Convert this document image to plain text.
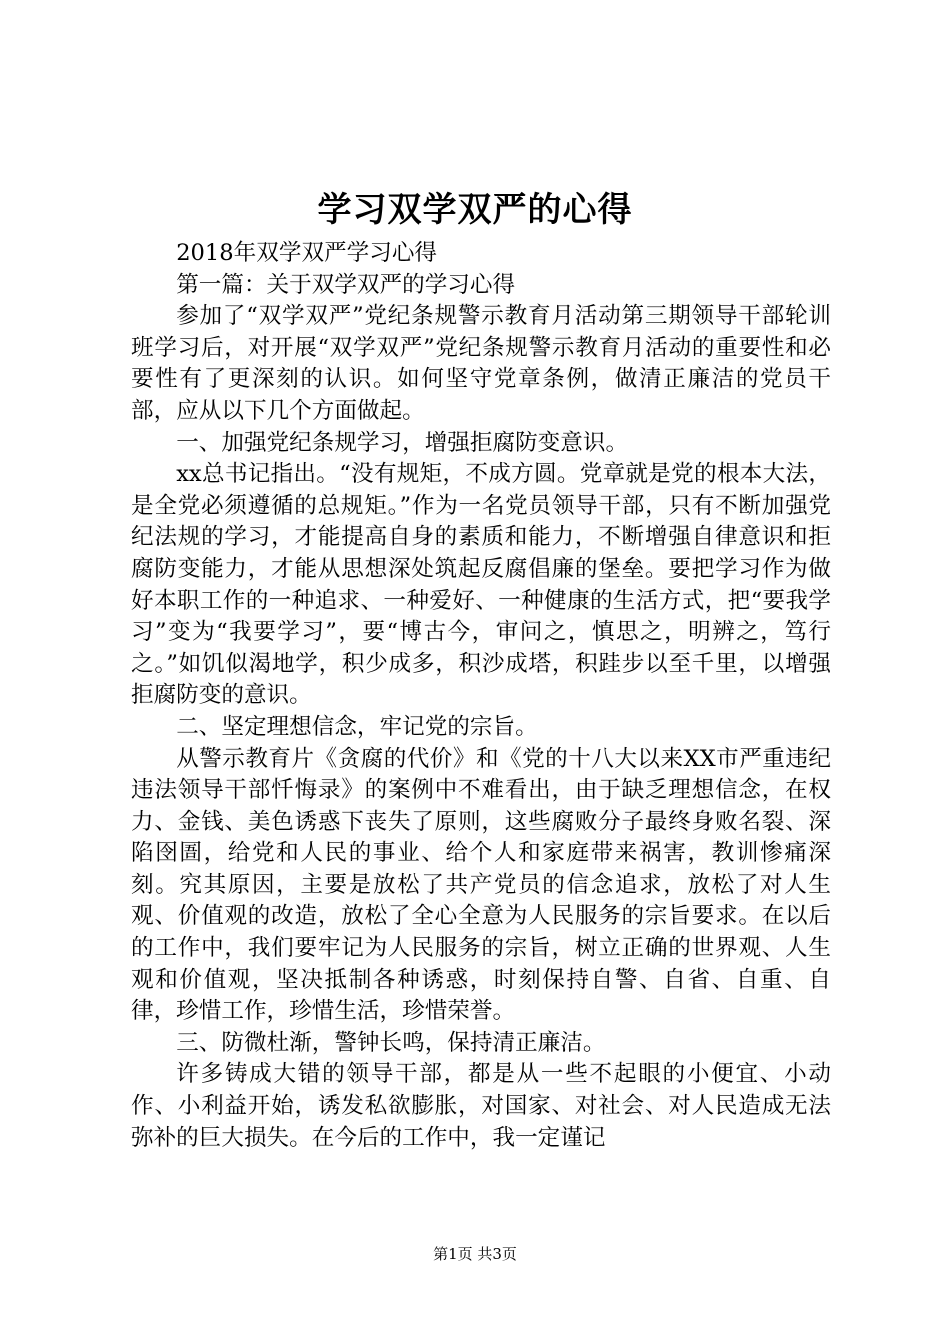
学习双学双严的心得

2018年双学双严学习心得

第一篇：关于双学双严的学习心得

参加了“双学双严”党纪条规警示教育月活动第三期领导干部轮训班学习后，对开展“双学双严”党纪条规警示教育月活动的重要性和必要性有了更深刻的认识。如何坚守党章条例，做清正廉洁的党员干部，应从以下几个方面做起。

一、加强党纪条规学习，增强拒腐防变意识。

xx总书记指出。“没有规矩，不成方圆。党章就是党的根本大法，是全党必须遵循的总规矩。”作为一名党员领导干部，只有不断加强党纪法规的学习，才能提高自身的素质和能力，不断增强自律意识和拒腐防变能力，才能从思想深处筑起反腐倡廉的堡垒。要把学习作为做好本职工作的一种追求、一种爱好、一种健康的生活方式，把“要我学习”变为“我要学习”，要“博古今，审问之，慎思之，明辨之，笃行之。”如饥似渴地学，积少成多，积沙成塔，积跬步以至千里，以增强拒腐防变的意识。

二、坚定理想信念，牢记党的宗旨。

从警示教育片《贪腐的代价》和《党的十八大以来XX市严重违纪违法领导干部忏悔录》的案例中不难看出，由于缺乏理想信念，在权力、金钱、美色诱惑下丧失了原则，这些腐败分子最终身败名裂、深陷囹圄，给党和人民的事业、给个人和家庭带来祸害，教训惨痛深刻。究其原因，主要是放松了共产党员的信念追求，放松了对人生观、价值观的改造，放松了全心全意为人民服务的宗旨要求。在以后的工作中，我们要牢记为人民服务的宗旨，树立正确的世界观、人生观和价值观，坚决抵制各种诱惑，时刻保持自警、自省、自重、自律，珍惜工作，珍惜生活，珍惜荣誉。

三、防微杜渐，警钟长鸣，保持清正廉洁。

许多铸成大错的领导干部，都是从一些不起眼的小便宜、小动作、小利益开始，诱发私欲膨胀，对国家、对社会、对人民造成无法弥补的巨大损失。在今后的工作中，我一定谨记

第1页 共3页
